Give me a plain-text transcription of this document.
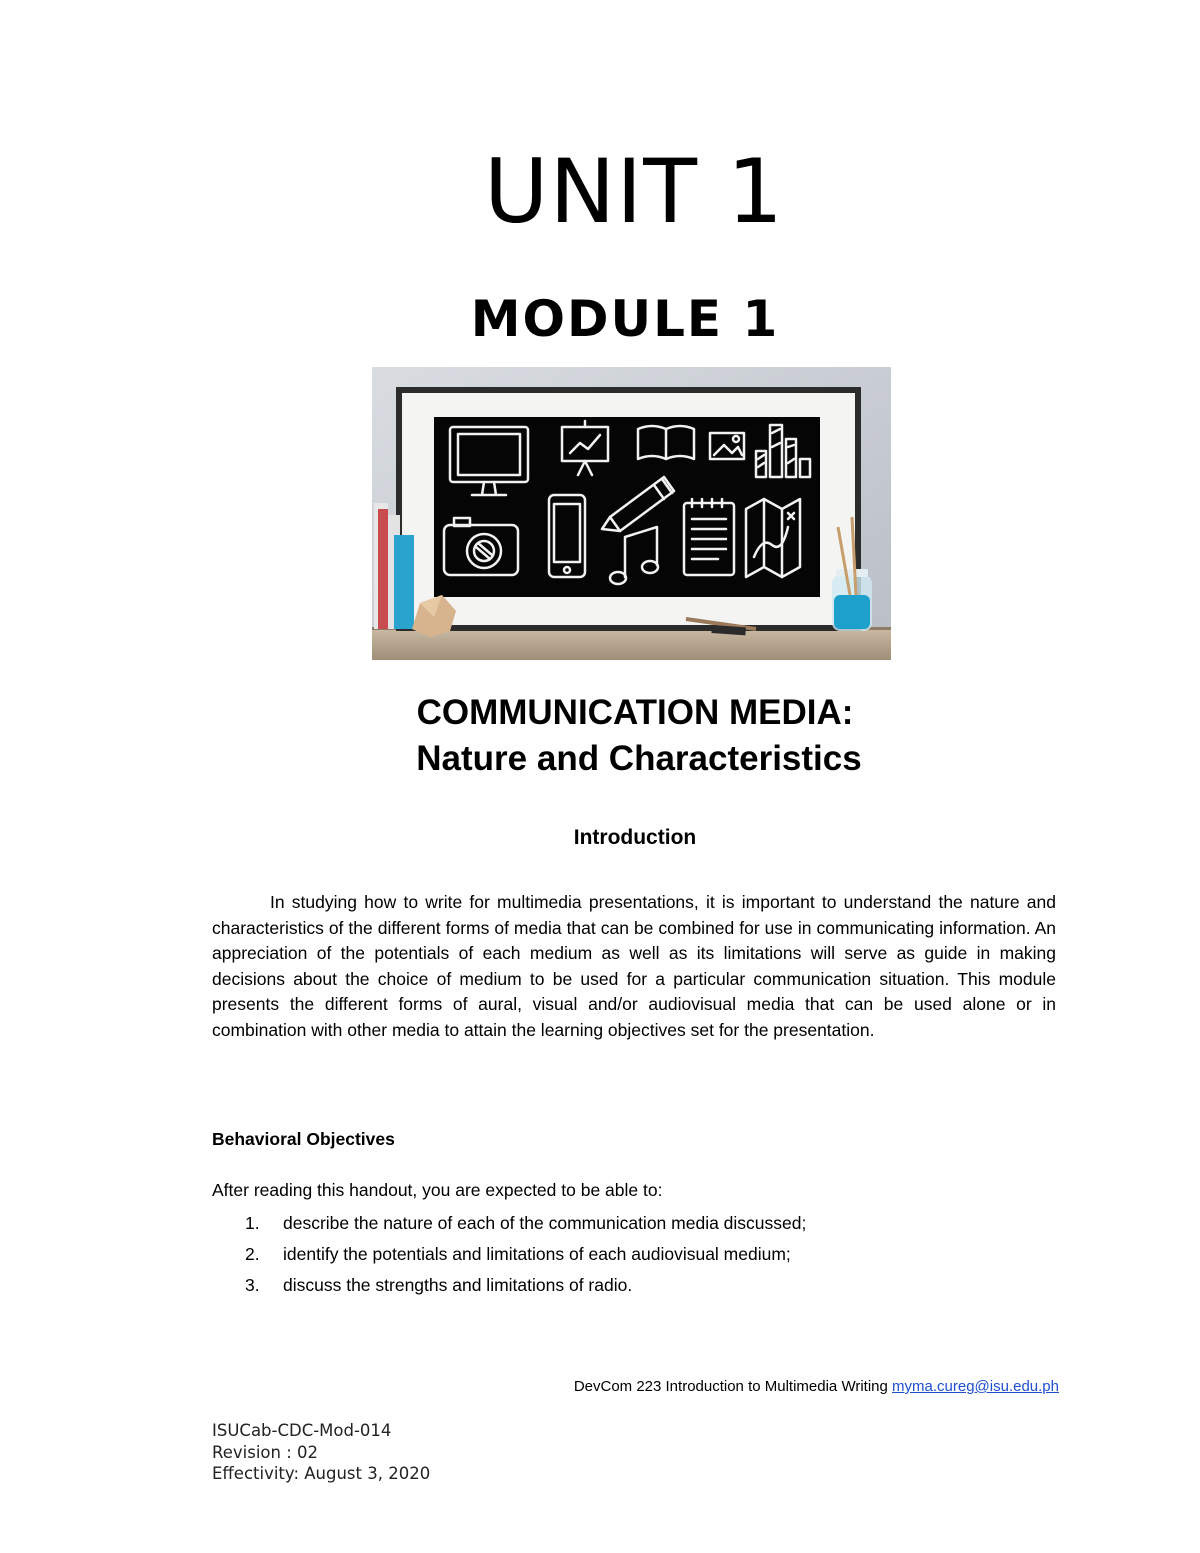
UNIT 1
MODULE 1
COMMUNICATION MEDIA:
Nature and Characteristics
Introduction
In studying how to write for multimedia presentations, it is important to understand the nature and characteristics of the different forms of media that can be combined for use in communicating information. An appreciation of the potentials of each medium as well as its limitations will serve as guide in making decisions about the choice of medium to be used for a particular communication situation. This module presents the different forms of aural, visual and/or audiovisual media that can be used alone or in combination with other media to attain the learning objectives set for the presentation.
Behavioral Objectives
After reading this handout, you are expected to be able to:
1. describe the nature of each of the communication media discussed;
2. identify the potentials and limitations of each audiovisual medium;
3. discuss the strengths and limitations of radio.
DevCom 223 Introduction to Multimedia Writing myma.cureg@isu.edu.ph
ISUCab-CDC-Mod-014
Revision : 02
Effectivity: August 3, 2020
